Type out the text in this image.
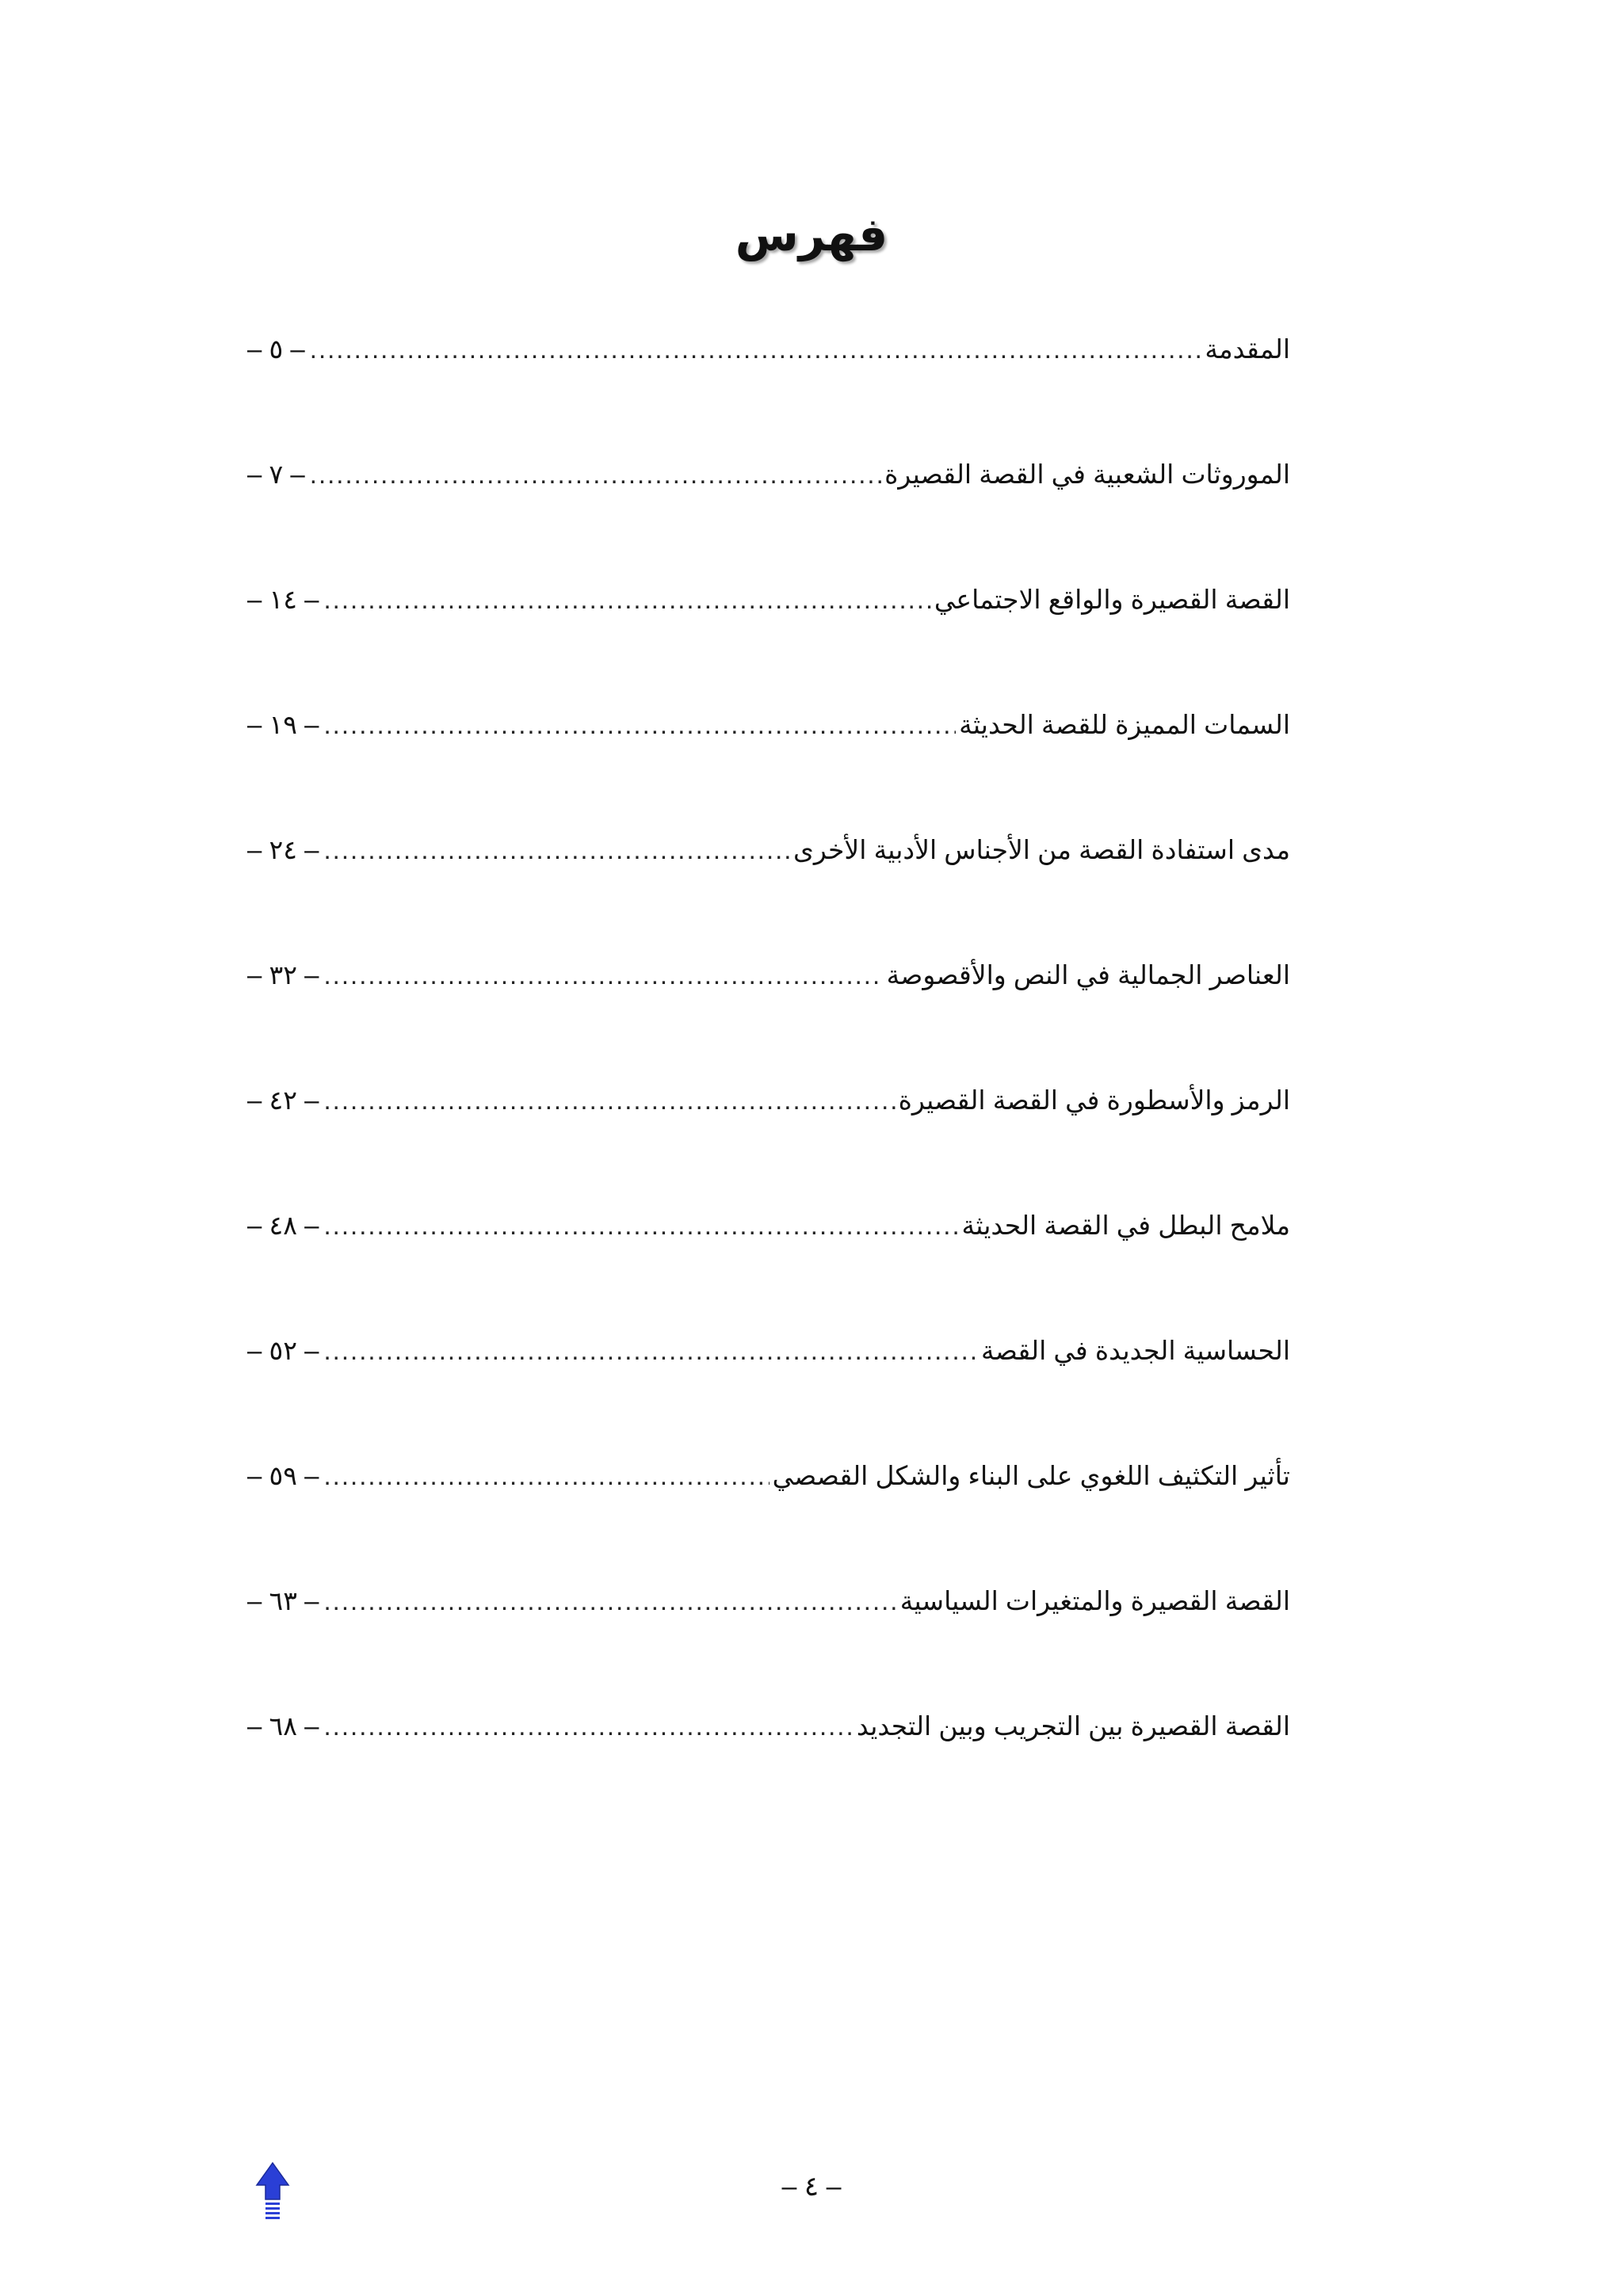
فهرس
المقدمة
.....
– ٥ –
الموروثات الشعبية في القصة القصيرة
.....
– ٧ –
القصة القصيرة والواقع الاجتماعي
.....
– ١٤ –
السمات المميزة للقصة الحديثة
.....
– ١٩ –
مدى استفادة القصة من الأجناس الأدبية الأخرى
.....
– ٢٤ –
العناصر الجمالية في النص والأقصوصة
.....
– ٣٢ –
الرمز والأسطورة في القصة القصيرة
.....
– ٤٢ –
ملامح البطل في القصة الحديثة
.....
– ٤٨ –
الحساسية الجديدة في القصة
.....
– ٥٢ –
تأثير التكثيف اللغوي على البناء والشكل القصصي
.....
– ٥٩ –
القصة القصيرة والمتغيرات السياسية
.....
– ٦٣ –
القصة القصيرة بين التجريب وبين التجديد
.....
– ٦٨ –
– ٤ –
